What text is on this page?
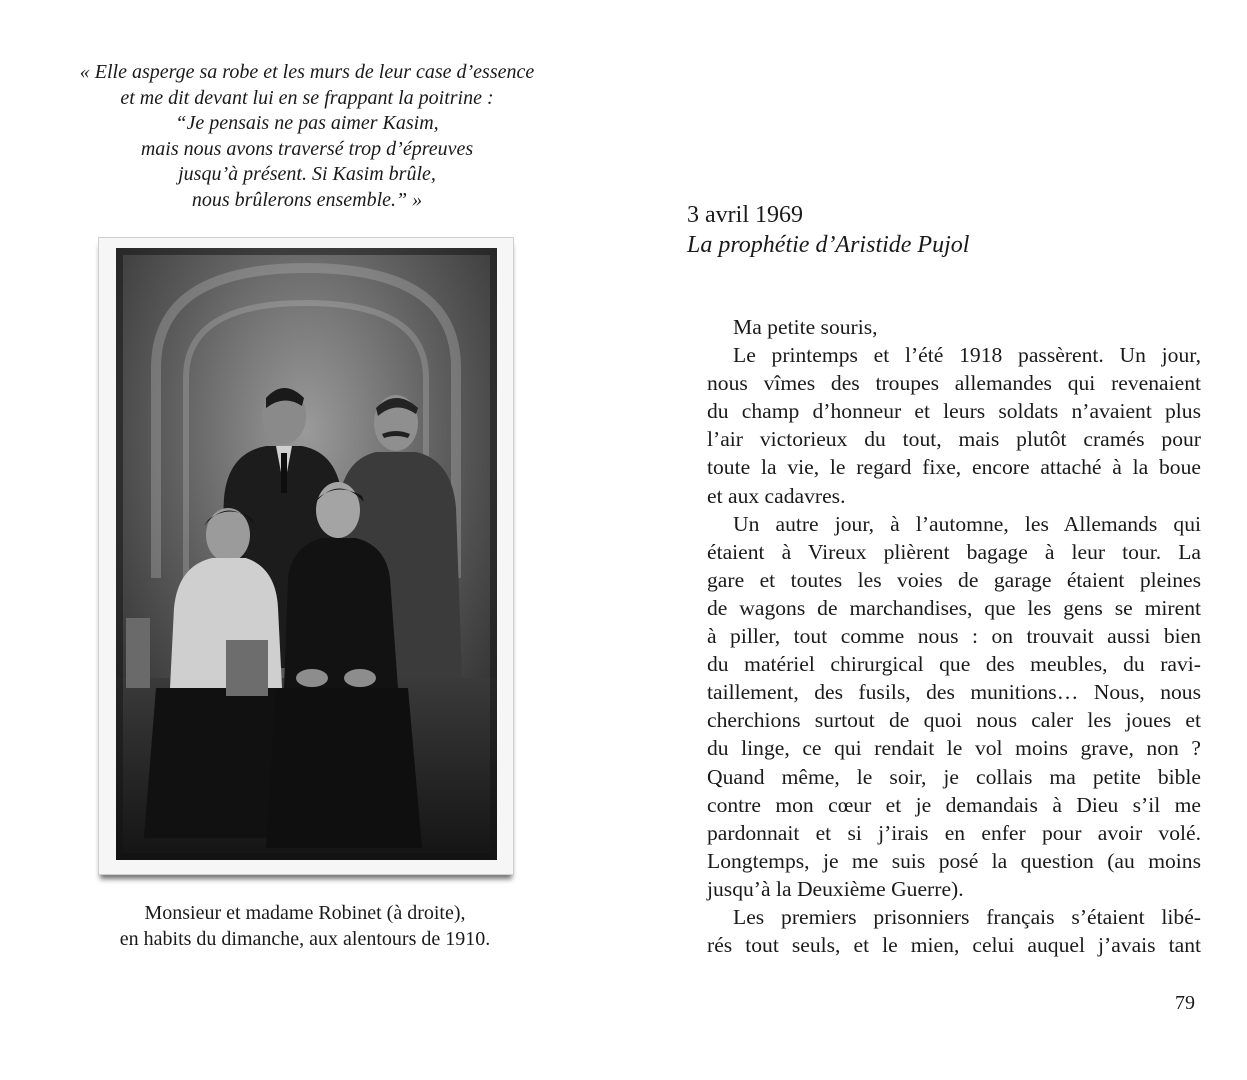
« Elle asperge sa robe et les murs de leur case d’essence
et me dit devant lui en se frappant la poitrine :
“Je pensais ne pas aimer Kasim,
mais nous avons traversé trop d’épreuves
jusqu’à présent. Si Kasim brûle,
nous brûlerons ensemble.” »
Monsieur et madame Robinet (à droite),
en habits du dimanche, aux alentours de 1910.
3 avril 1969
La prophétie d’Aristide Pujol
Ma petite souris,
Le printemps et l’été 1918 passèrent. Un jour,
nous vîmes des troupes allemandes qui revenaient
du champ d’honneur et leurs soldats n’avaient plus
l’air victorieux du tout, mais plutôt cramés pour
toute la vie, le regard fixe, encore attaché à la boue
et aux cadavres.
Un autre jour, à l’automne, les Allemands qui
étaient à Vireux plièrent bagage à leur tour. La
gare et toutes les voies de garage étaient pleines
de wagons de marchandises, que les gens se mirent
à piller, tout comme nous : on trouvait aussi bien
du matériel chirurgical que des meubles, du ravi-
taillement, des fusils, des munitions… Nous, nous
cherchions surtout de quoi nous caler les joues et
du linge, ce qui rendait le vol moins grave, non ?
Quand même, le soir, je collais ma petite bible
contre mon cœur et je demandais à Dieu s’il me
pardonnait et si j’irais en enfer pour avoir volé.
Longtemps, je me suis posé la question (au moins
jusqu’à la Deuxième Guerre).
Les premiers prisonniers français s’étaient libé-
rés tout seuls, et le mien, celui auquel j’avais tant
79
